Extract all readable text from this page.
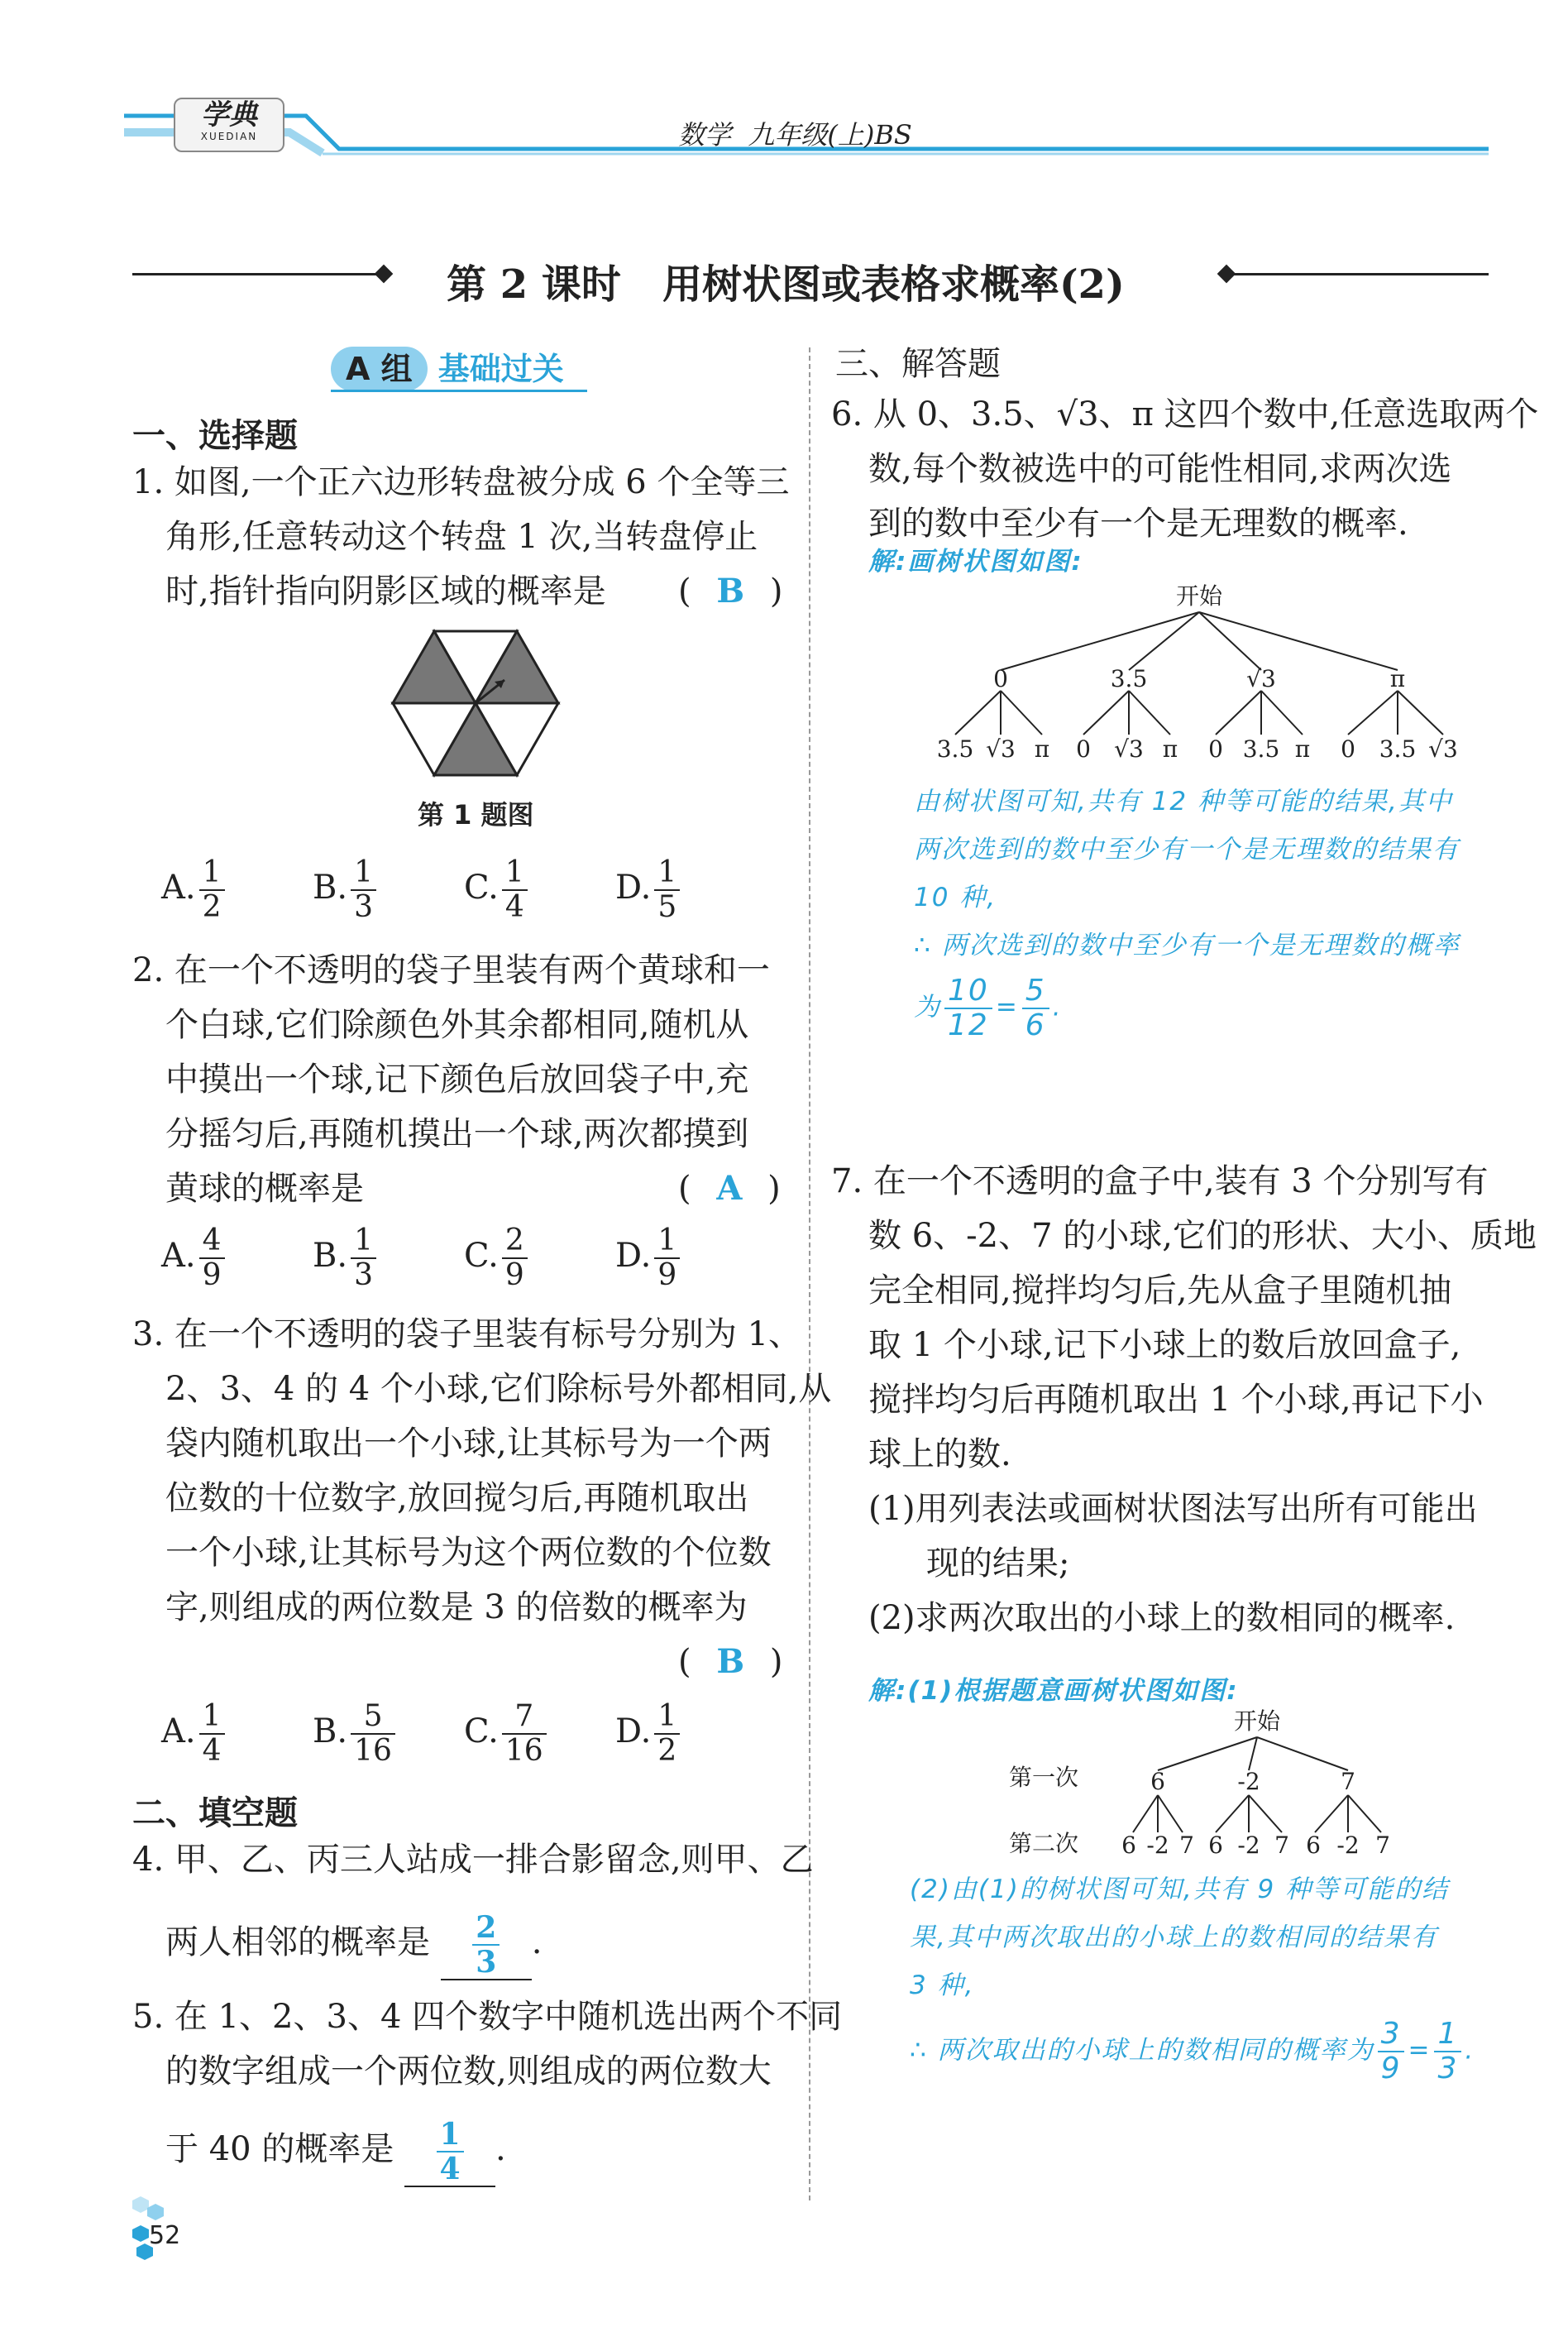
学典
XUEDIAN	数学  九年级(上)BS
第 2 课时   用树状图或表格求概率(2)
A 组 基础过关
一、选择题
1. 如图,一个正六边形转盘被分成 6 个全等三
角形,任意转动这个转盘 1 次,当转盘停止
时,指针指向阴影区域的概率是	( B )
第 1 题图
A. $\frac{1}{2}$	B. $\frac{1}{3}$	C. $\frac{1}{4}$	D. $\frac{1}{5}$
2. 在一个不透明的袋子里装有两个黄球和一
个白球,它们除颜色外其余都相同,随机从
中摸出一个球,记下颜色后放回袋子中,充
分摇匀后,再随机摸出一个球,两次都摸到
黄球的概率是	( A )
A. $\frac{4}{9}$	B. $\frac{1}{3}$	C. $\frac{2}{9}$	D. $\frac{1}{9}$
3. 在一个不透明的袋子里装有标号分别为 1、
2、3、4 的 4 个小球,它们除标号外都相同,从
袋内随机取出一个小球,让其标号为一个两
位数的十位数字,放回搅匀后,再随机取出
一个小球,让其标号为这个两位数的个位数
字,则组成的两位数是 3 的倍数的概率为
( B )
A. $\frac{1}{4}$	B. $\frac{5}{16} C$. $\frac{7}{16} D$. $\frac{1}{2}$
二、填空题
4. 甲、乙、丙三人站成一排合影留念,则甲、乙
两人相邻的概率是 $\frac{2}{3}$ .
5. 在 1、2、3、4 四个数字中随机选出两个不同
的数字组成一个两位数,则组成的两位数大
于 40 的概率是 $\frac{1}{4}$ .
52
三、解答题
6. 从 0、3.5、√3、π 这四个数中,任意选取两个
数,每个数被选中的可能性相同,求两次选
到的数中至少有一个是无理数的概率.
解:画树状图如图:
开始
0	3.5	√3	π
3.5 √3 π 0 √3 π 0 3.5 π 0 3.5 √3
由树状图可知,共有 12 种等可能的结果,其中
两次选到的数中至少有一个是无理数的结果有
10 种,
∴ 两次选到的数中至少有一个是无理数的概率
为 $\frac{10}{12} = \frac{5}{6}$ .
7. 在一个不透明的盒子中,装有 3 个分别写有
数 6、-2、7 的小球,它们的形状、大小、质地
完全相同,搅拌均匀后,先从盒子里随机抽
取 1 个小球,记下小球上的数后放回盒子,
搅拌均匀后再随机取出 1 个小球,再记下小
球上的数.
(1)用列表法或画树状图法写出所有可能出
现的结果;
(2)求两次取出的小球上的数相同的概率.
解:(1)根据题意画树状图如图:
开始
第一次
第二次
6	-2	7
6 -2 7 6 -2 7 6 -2 7
(2)由(1)的树状图可知,共有 9 种等可能的结
果,其中两次取出的小球上的数相同的结果有
3 种,
∴ 两次取出的小球上的数相同的概率为 $\frac{3}{9} = \frac{1}{3}$ .
